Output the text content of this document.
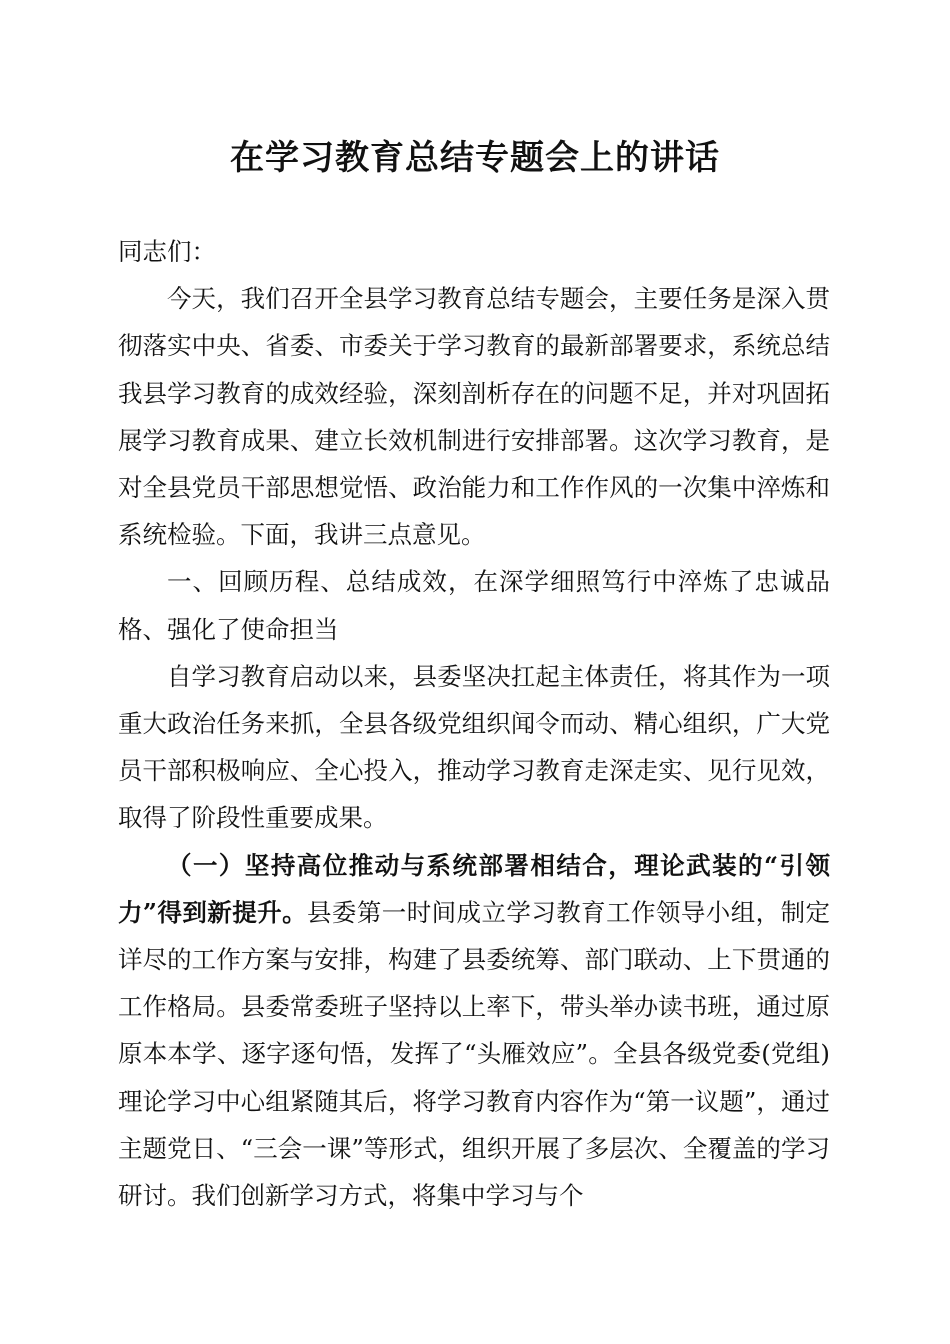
在学习教育总结专题会上的讲话

同志们：

今天，我们召开全县学习教育总结专题会，主要任务是深入贯彻落实中央、省委、市委关于学习教育的最新部署要求，系统总结我县学习教育的成效经验，深刻剖析存在的问题不足，并对巩固拓展学习教育成果、建立长效机制进行安排部署。这次学习教育，是对全县党员干部思想觉悟、政治能力和工作作风的一次集中淬炼和系统检验。下面，我讲三点意见。

一、回顾历程、总结成效，在深学细照笃行中淬炼了忠诚品格、强化了使命担当

自学习教育启动以来，县委坚决扛起主体责任，将其作为一项重大政治任务来抓，全县各级党组织闻令而动、精心组织，广大党员干部积极响应、全心投入，推动学习教育走深走实、见行见效，取得了阶段性重要成果。

（一）坚持高位推动与系统部署相结合，理论武装的“引领力”得到新提升。县委第一时间成立学习教育工作领导小组，制定详尽的工作方案与安排，构建了县委统筹、部门联动、上下贯通的工作格局。县委常委班子坚持以上率下，带头举办读书班，通过原原本本学、逐字逐句悟，发挥了“头雁效应”。全县各级党委(党组)理论学习中心组紧随其后，将学习教育内容作为“第一议题”，通过主题党日、“三会一课”等形式，组织开展了多层次、全覆盖的学习研讨。我们创新学习方式，将集中学习与个
